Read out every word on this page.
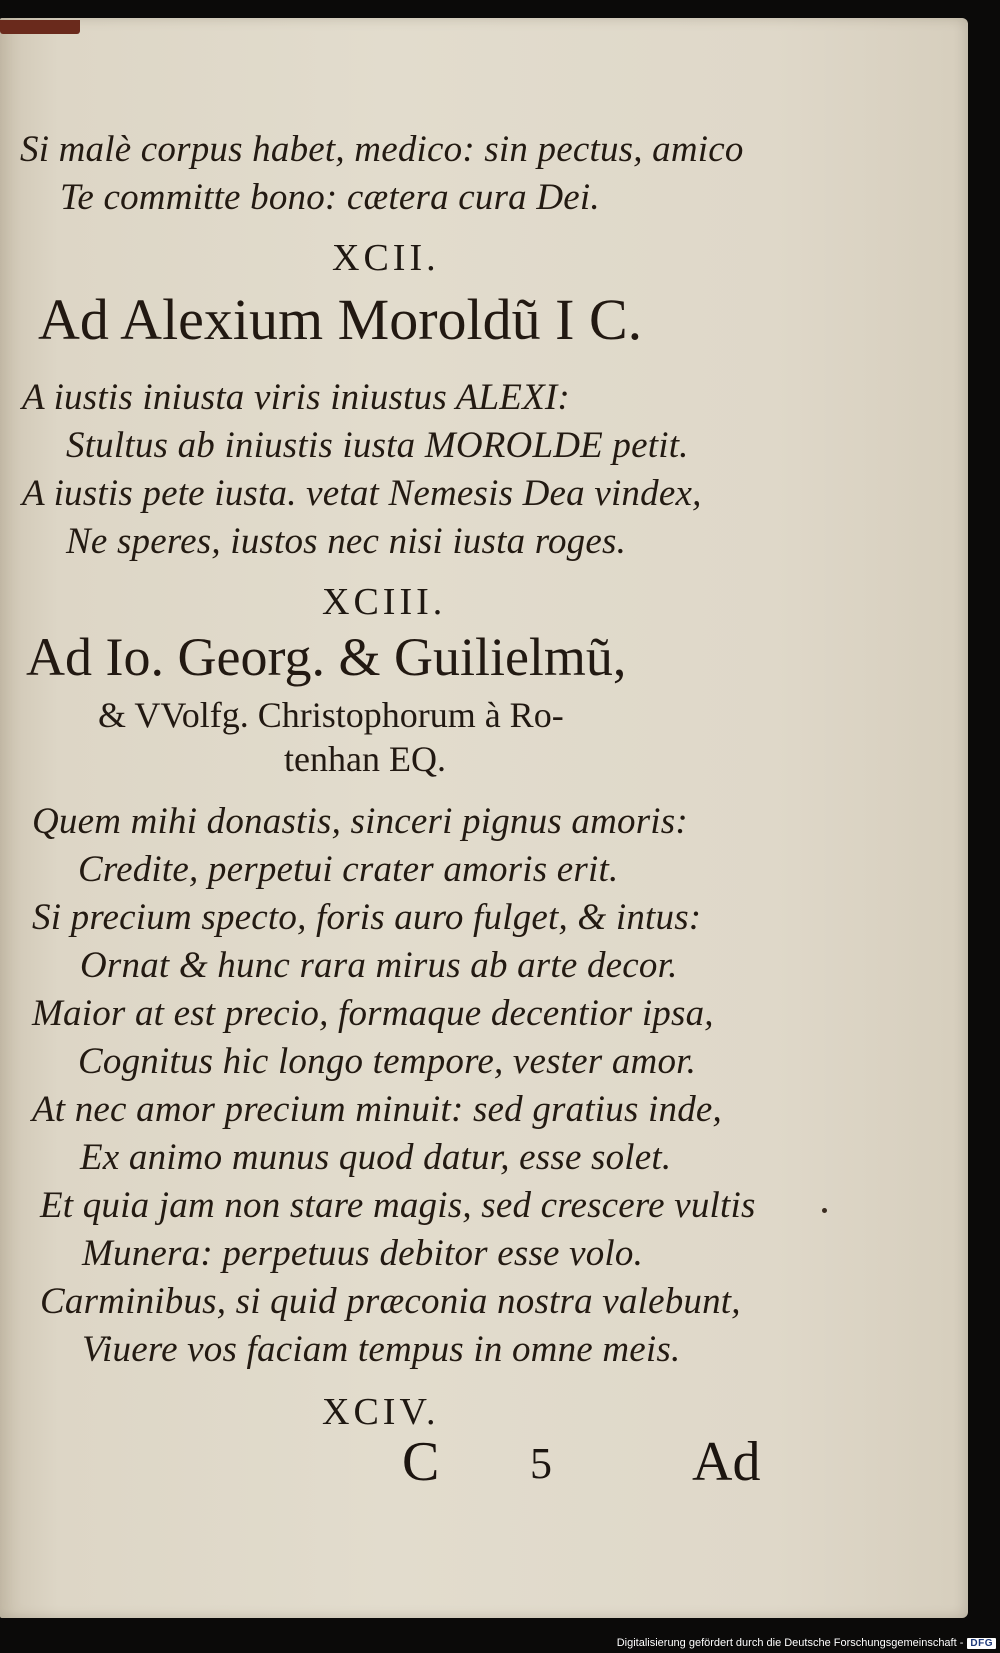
Si malè corpus habet, medico: sin pectus, amico
Te committe bono: cætera cura Dei.
XCII.
Ad Alexium Moroldũ I C.
A iustis iniusta viris iniustus ALEXI:
Stultus ab iniustis iusta MOROLDE petit.
A iustis pete iusta. vetat Nemesis Dea vindex,
Ne speres, iustos nec nisi iusta roges.
XCIII.
Ad Io. Georg. & Guilielmũ,
& VVolfg. Christophorum à Ro-
tenhan EQ.
Quem mihi donastis, sinceri pignus amoris:
Credite, perpetui crater amoris erit.
Si precium specto, foris auro fulget, & intus:
Ornat & hunc rara mirus ab arte decor.
Maior at est precio, formaque decentior ipsa,
Cognitus hic longo tempore, vester amor.
At nec amor precium minuit: sed gratius inde,
Ex animo munus quod datur, esse solet.
Et quia jam non stare magis, sed crescere vultis
Munera: perpetuus debitor esse volo.
Carminibus, si quid præconia nostra valebunt,
Viuere vos faciam tempus in omne meis.
XCIV.
C 5	Ad
Digitalisierung gefördert durch die Deutsche Forschungsgemeinschaft - DFG
